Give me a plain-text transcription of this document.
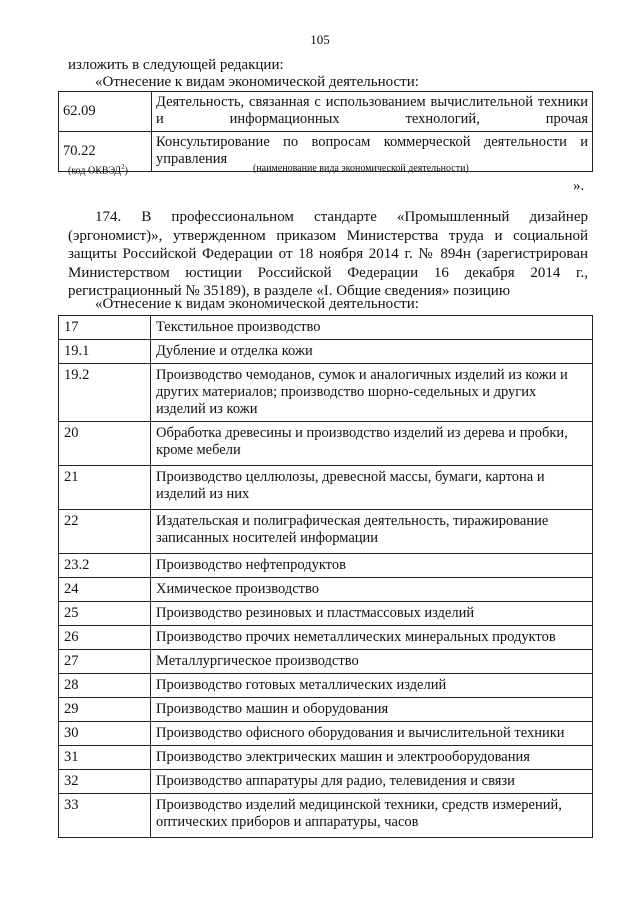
105
изложить в следующей редакции:
«Отнесение к видам экономической деятельности:
62.09	Деятельность, связанная с использованием вычислительной техники и информационных технологий, прочая
70.22	Консультирование по вопросам коммерческой деятельности и управления
(код ОКВЭД$^2$)	(наименование вида экономической деятельности)
».
174. В профессиональном стандарте «Промышленный дизайнер (эргономист)», утвержденном приказом Министерства труда и социальной защиты Российской Федерации от 18 ноября 2014 г. № 894н (зарегистрирован Министерством юстиции Российской Федерации 16 декабря 2014 г., регистрационный № 35189), в разделе «I. Общие сведения» позицию
«Отнесение к видам экономической деятельности:
17	Текстильное производство
19.1	Дубление и отделка кожи
19.2	Производство чемоданов, сумок и аналогичных изделий из кожи и других материалов; производство шорно-седельных и других изделий из кожи
20	Обработка древесины и производство изделий из дерева и пробки, кроме мебели
21	Производство целлюлозы, древесной массы, бумаги, картона и изделий из них
22	Издательская и полиграфическая деятельность, тиражирование записанных носителей информации
23.2	Производство нефтепродуктов
24	Химическое производство
25	Производство резиновых и пластмассовых изделий
26	Производство прочих неметаллических минеральных продуктов
27	Металлургическое производство
28	Производство готовых металлических изделий
29	Производство машин и оборудования
30	Производство офисного оборудования и вычислительной техники
31	Производство электрических машин и электрооборудования
32	Производство аппаратуры для радио, телевидения и связи
33	Производство изделий медицинской техники, средств измерений, оптических приборов и аппаратуры, часов
